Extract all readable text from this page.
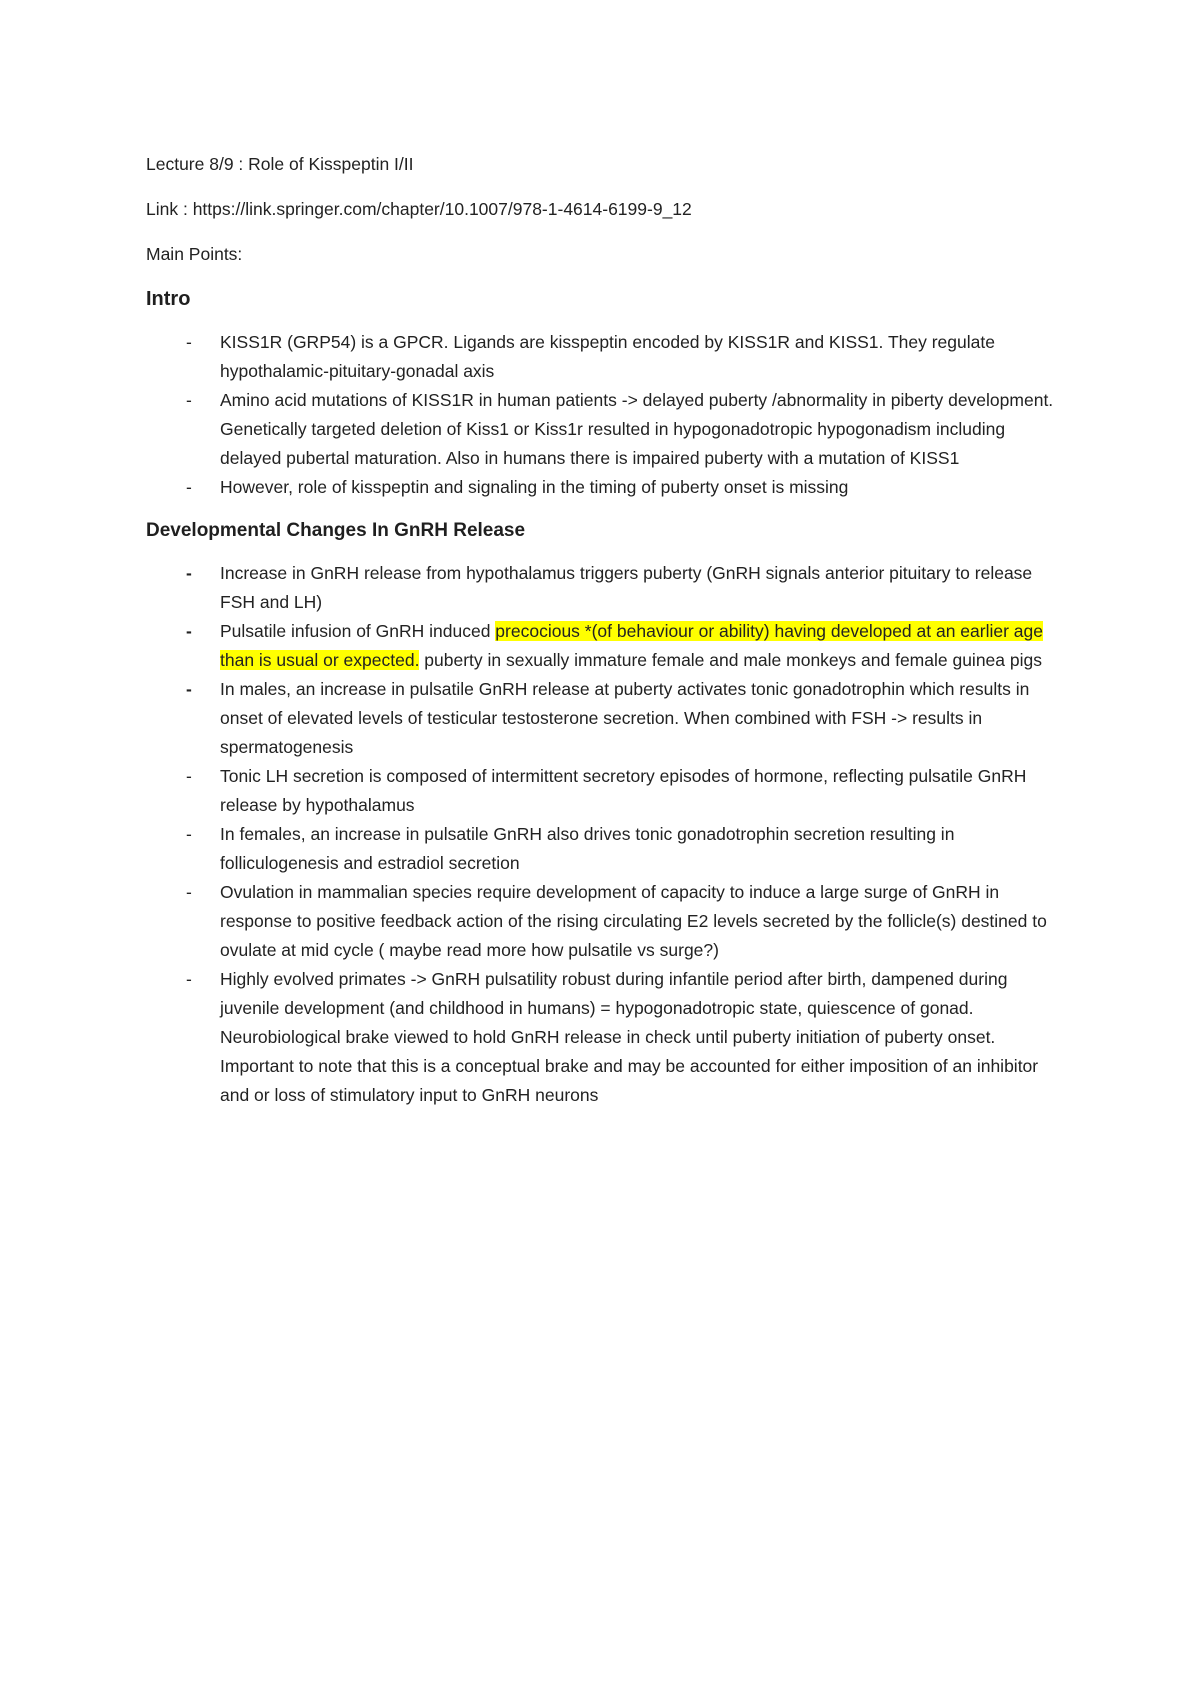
Lecture 8/9 : Role of Kisspeptin I/II

Link : https://link.springer.com/chapter/10.1007/978-1-4614-6199-9_12

Main Points:

Intro
- KISS1R (GRP54) is a GPCR. Ligands are kisspeptin encoded by KISS1R and KISS1. They regulate hypothalamic-pituitary-gonadal axis
- Amino acid mutations of KISS1R in human patients -> delayed puberty /abnormality in piberty development. Genetically targeted deletion of Kiss1 or Kiss1r resulted in hypogonadotropic hypogonadism including delayed pubertal maturation. Also in humans there is impaired puberty with a mutation of KISS1
- However, role of kisspeptin and signaling in the timing of puberty onset is missing
Developmental Changes In GnRH Release
- Increase in GnRH release from hypothalamus triggers puberty (GnRH signals anterior pituitary to release FSH and LH)
- Pulsatile infusion of GnRH induced precocious *(of behaviour or ability) having developed at an earlier age than is usual or expected. puberty in sexually immature female and male monkeys and female guinea pigs
- In males, an increase in pulsatile GnRH release at puberty activates tonic gonadotrophin which results in onset of elevated levels of testicular testosterone secretion. When combined with FSH -> results in spermatogenesis
- Tonic LH secretion is composed of intermittent secretory episodes of hormone, reflecting pulsatile GnRH release by hypothalamus
- In females, an increase in pulsatile GnRH also drives tonic gonadotrophin secretion resulting in folliculogenesis and estradiol secretion
- Ovulation in mammalian species require development of capacity to induce a large surge of GnRH in response to positive feedback action of the rising circulating E2 levels secreted by the follicle(s) destined to ovulate at mid cycle ( maybe read more how pulsatile vs surge?)
- Highly evolved primates -> GnRH pulsatility robust during infantile period after birth, dampened during juvenile development (and childhood in humans) = hypogonadotropic state, quiescence of gonad. Neurobiological brake viewed to hold GnRH release in check until puberty initiation of puberty onset. Important to note that this is a conceptual brake and may be accounted for either imposition of an inhibitor and or loss of stimulatory input to GnRH neurons
